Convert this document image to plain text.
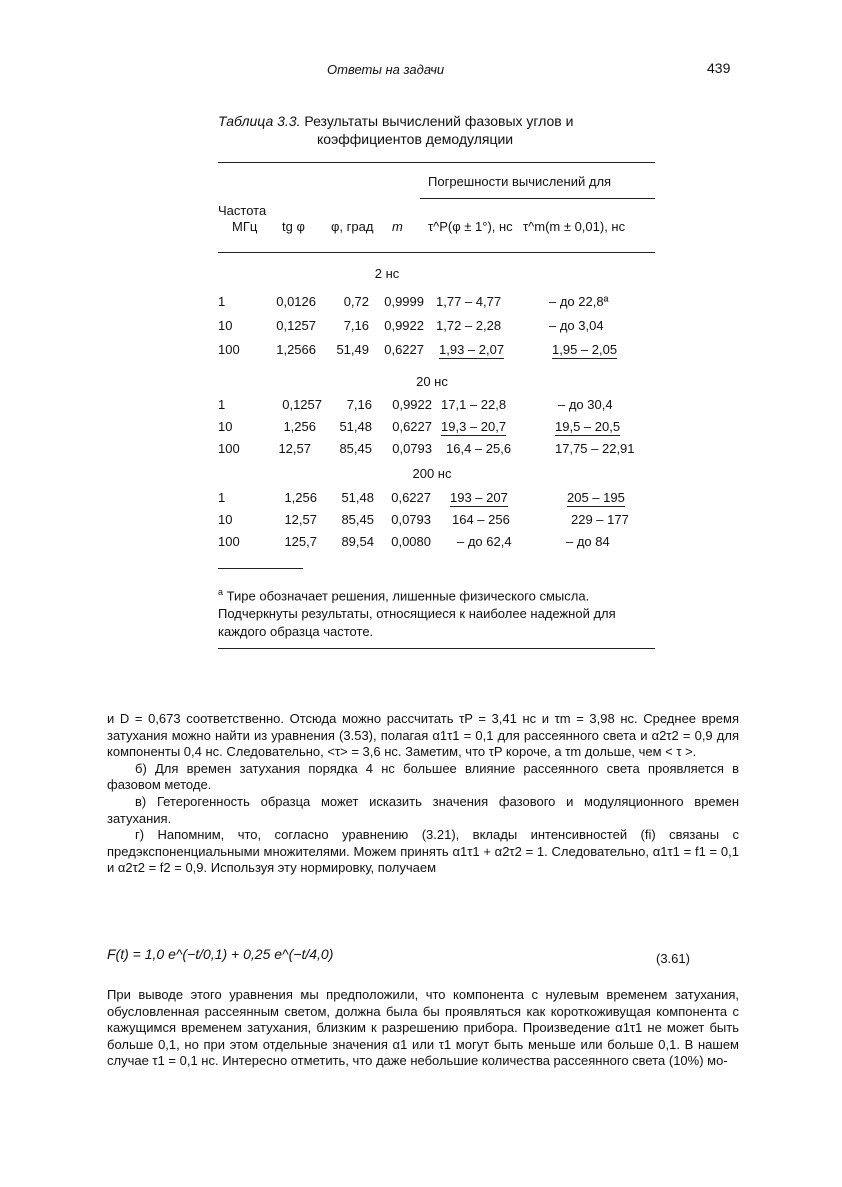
Ответы на задачи	439
Таблица 3.3. Результаты вычислений фазовых углов и
коэффициентов демодуляции
Погрешности вычислений для
Частота
МГц tg φ φ, град m τ^P(φ ± 1°), нс τ^m(m ± 0,01), нс
2 нс
1	0,0126	0,72	0,9999 1,77 – 4,77	– до 22,8ª
10	0,1257	7,16	0,9922 1,72 – 2,28	– до 3,04
100	1,2566	51,49	0,6227 1,93 – 2,07	1,95 – 2,05
20 нс
1	0,1257	7,16	0,9922 17,1 – 22,8	– до 30,4
10	1,256	51,48	0,6227 19,3 – 20,7	19,5 – 20,5
100	12,57	85,45	0,0793 16,4 – 25,6	17,75 – 22,91
200 нс
1	1,256	51,48	0,6227 193 – 207	205 – 195
10	12,57	85,45	0,0793 164 – 256	229 – 177
100	125,7	89,54	0,0080 – до 62,4	– до 84
$^а$ Тире обозначает решения, лишенные физического смысла. Подчеркнуты результаты, относящиеся к наиболее надежной для каждого образца частоте.

и D = 0,673 соответственно. Отсюда можно рассчитать τP = 3,41 нс и τm = 3,98 нс. Среднее время затухания можно найти из уравнения (3.53), полагая α1τ1 = 0,1 для рассеянного света и α2τ2 = 0,9 для компоненты 0,4 нс. Следовательно, <τ> = 3,6 нс. Заметим, что τP короче, а τm дольше, чем < τ >.

б) Для времен затухания порядка 4 нс большее влияние рассеянного света проявляется в фазовом методе.

в) Гетерогенность образца может исказить значения фазового и модуляционного времен затухания.

г) Напомним, что, согласно уравнению (3.21), вклады интенсивностей (fi) связаны с предэкспоненциальными множителями. Можем принять α1τ1 + α2τ2 = 1. Следовательно, α1τ1 = f1 = 0,1 и α2τ2 = f2 = 0,9. Используя эту нормировку, получаем

F(t) = 1,0 e^(−t/0,1) + 0,25 e^(−t/4,0)	(3.61)

При выводе этого уравнения мы предположили, что компонента с нулевым временем затухания, обусловленная рассеянным светом, должна была бы проявляться как короткоживущая компонента с кажущимся временем затухания, близким к разрешению прибора. Произведение α1τ1 не может быть больше 0,1, но при этом отдельные значения α1 или τ1 могут быть меньше или больше 0,1. В нашем случае τ1 = 0,1 нс. Интересно отметить, что даже небольшие количества рассеянного света (10%) мо-
